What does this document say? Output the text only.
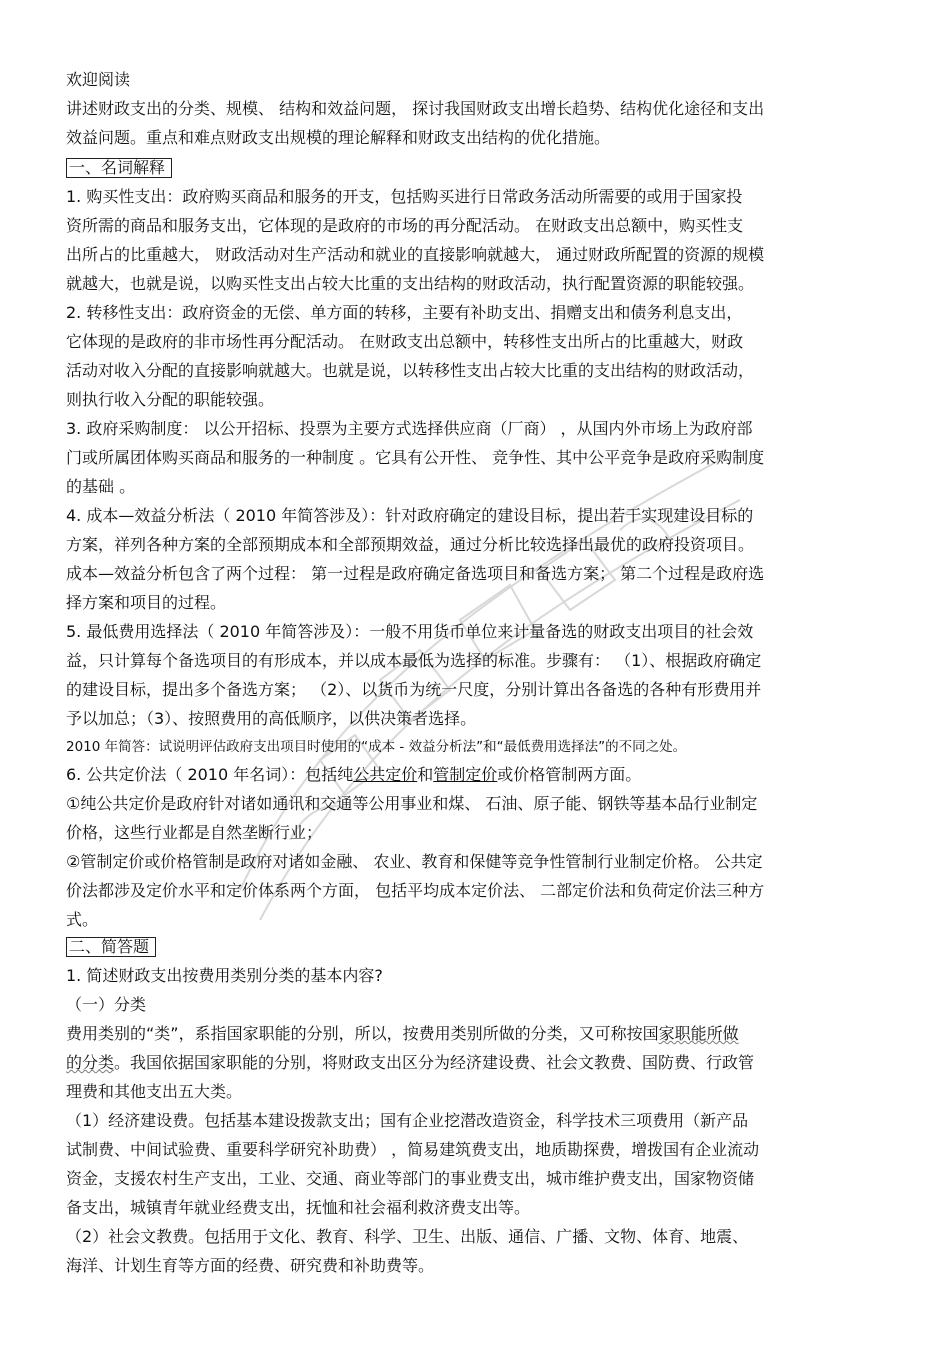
欢迎阅读
讲述财政支出的分类、规模、 结构和效益问题， 探讨我国财政支出增长趋势、结构优化途径和支出
效益问题。重点和难点财政支出规模的理论解释和财政支出结构的优化措施。
一、名词解释
1. 购买性支出：政府购买商品和服务的开支，包括购买进行日常政务活动所需要的或用于国家投
资所需的商品和服务支出，它体现的是政府的市场的再分配活动。 在财政支出总额中，购买性支
出所占的比重越大， 财政活动对生产活动和就业的直接影响就越大， 通过财政所配置的资源的规模
就越大，也就是说，以购买性支出占较大比重的支出结构的财政活动，执行配置资源的职能较强。
2. 转移性支出：政府资金的无偿、单方面的转移，主要有补助支出、捐赠支出和债务利息支出，
它体现的是政府的非市场性再分配活动。 在财政支出总额中，转移性支出所占的比重越大，财政
活动对收入分配的直接影响就越大。也就是说，以转移性支出占较大比重的支出结构的财政活动，
则执行收入分配的职能较强。
3. 政府采购制度： 以公开招标、投票为主要方式选择供应商（厂商） ，从国内外市场上为政府部
门或所属团体购买商品和服务的一种制度 。它具有公开性、 竞争性、其中公平竞争是政府采购制度
的基础 。
4. 成本—效益分析法（ 2010 年简答涉及）：针对政府确定的建设目标，提出若干实现建设目标的
方案，祥列各种方案的全部预期成本和全部预期效益，通过分析比较选择出最优的政府投资项目。
成本—效益分析包含了两个过程： 第一过程是政府确定备选项目和备选方案； 第二个过程是政府选
择方案和项目的过程。
5. 最低费用选择法（ 2010 年简答涉及）：一般不用货币单位来计量备选的财政支出项目的社会效
益，只计算每个备选项目的有形成本，并以成本最低为选择的标准。步骤有： （1）、根据政府确定
的建设目标，提出多个备选方案； （2）、以货币为统一尺度，分别计算出各备选的各种有形费用并
予以加总；（3）、按照费用的高低顺序，以供决策者选择。
2010 年简答：试说明评估政府支出项目时使用的“成本 - 效益分析法”和“最低费用选择法”的不同之处。
6. 公共定价法（ 2010 年名词）：包括纯公共定价和管制定价或价格管制两方面。
①纯公共定价是政府针对诸如通讯和交通等公用事业和煤、 石油、原子能、钢铁等基本品行业制定
价格，这些行业都是自然垄断行业；
②管制定价或价格管制是政府对诸如金融、 农业、教育和保健等竞争性管制行业制定价格。 公共定
价法都涉及定价水平和定价体系两个方面， 包括平均成本定价法、 二部定价法和负荷定价法三种方
式。
二、简答题
1. 简述财政支出按费用类别分类的基本内容?
（一）分类
费用类别的“类”，系指国家职能的分别，所以，按费用类别所做的分类，又可称按国家职能所做
的分类。我国依据国家职能的分别，将财政支出区分为经济建设费、社会文教费、国防费、行政管
理费和其他支出五大类。
（1）经济建设费。包括基本建设拨款支出；国有企业挖潜改造资金，科学技术三项费用（新产品
试制费、中间试验费、重要科学研究补助费） ，简易建筑费支出，地质勘探费，增拨国有企业流动
资金，支援农村生产支出，工业、交通、商业等部门的事业费支出，城市维护费支出，国家物资储
备支出，城镇青年就业经费支出，抚恤和社会福利救济费支出等。
（2）社会文教费。包括用于文化、教育、科学、卫生、出版、通信、广播、文物、体育、地震、
海洋、计划生育等方面的经费、研究费和补助费等。
